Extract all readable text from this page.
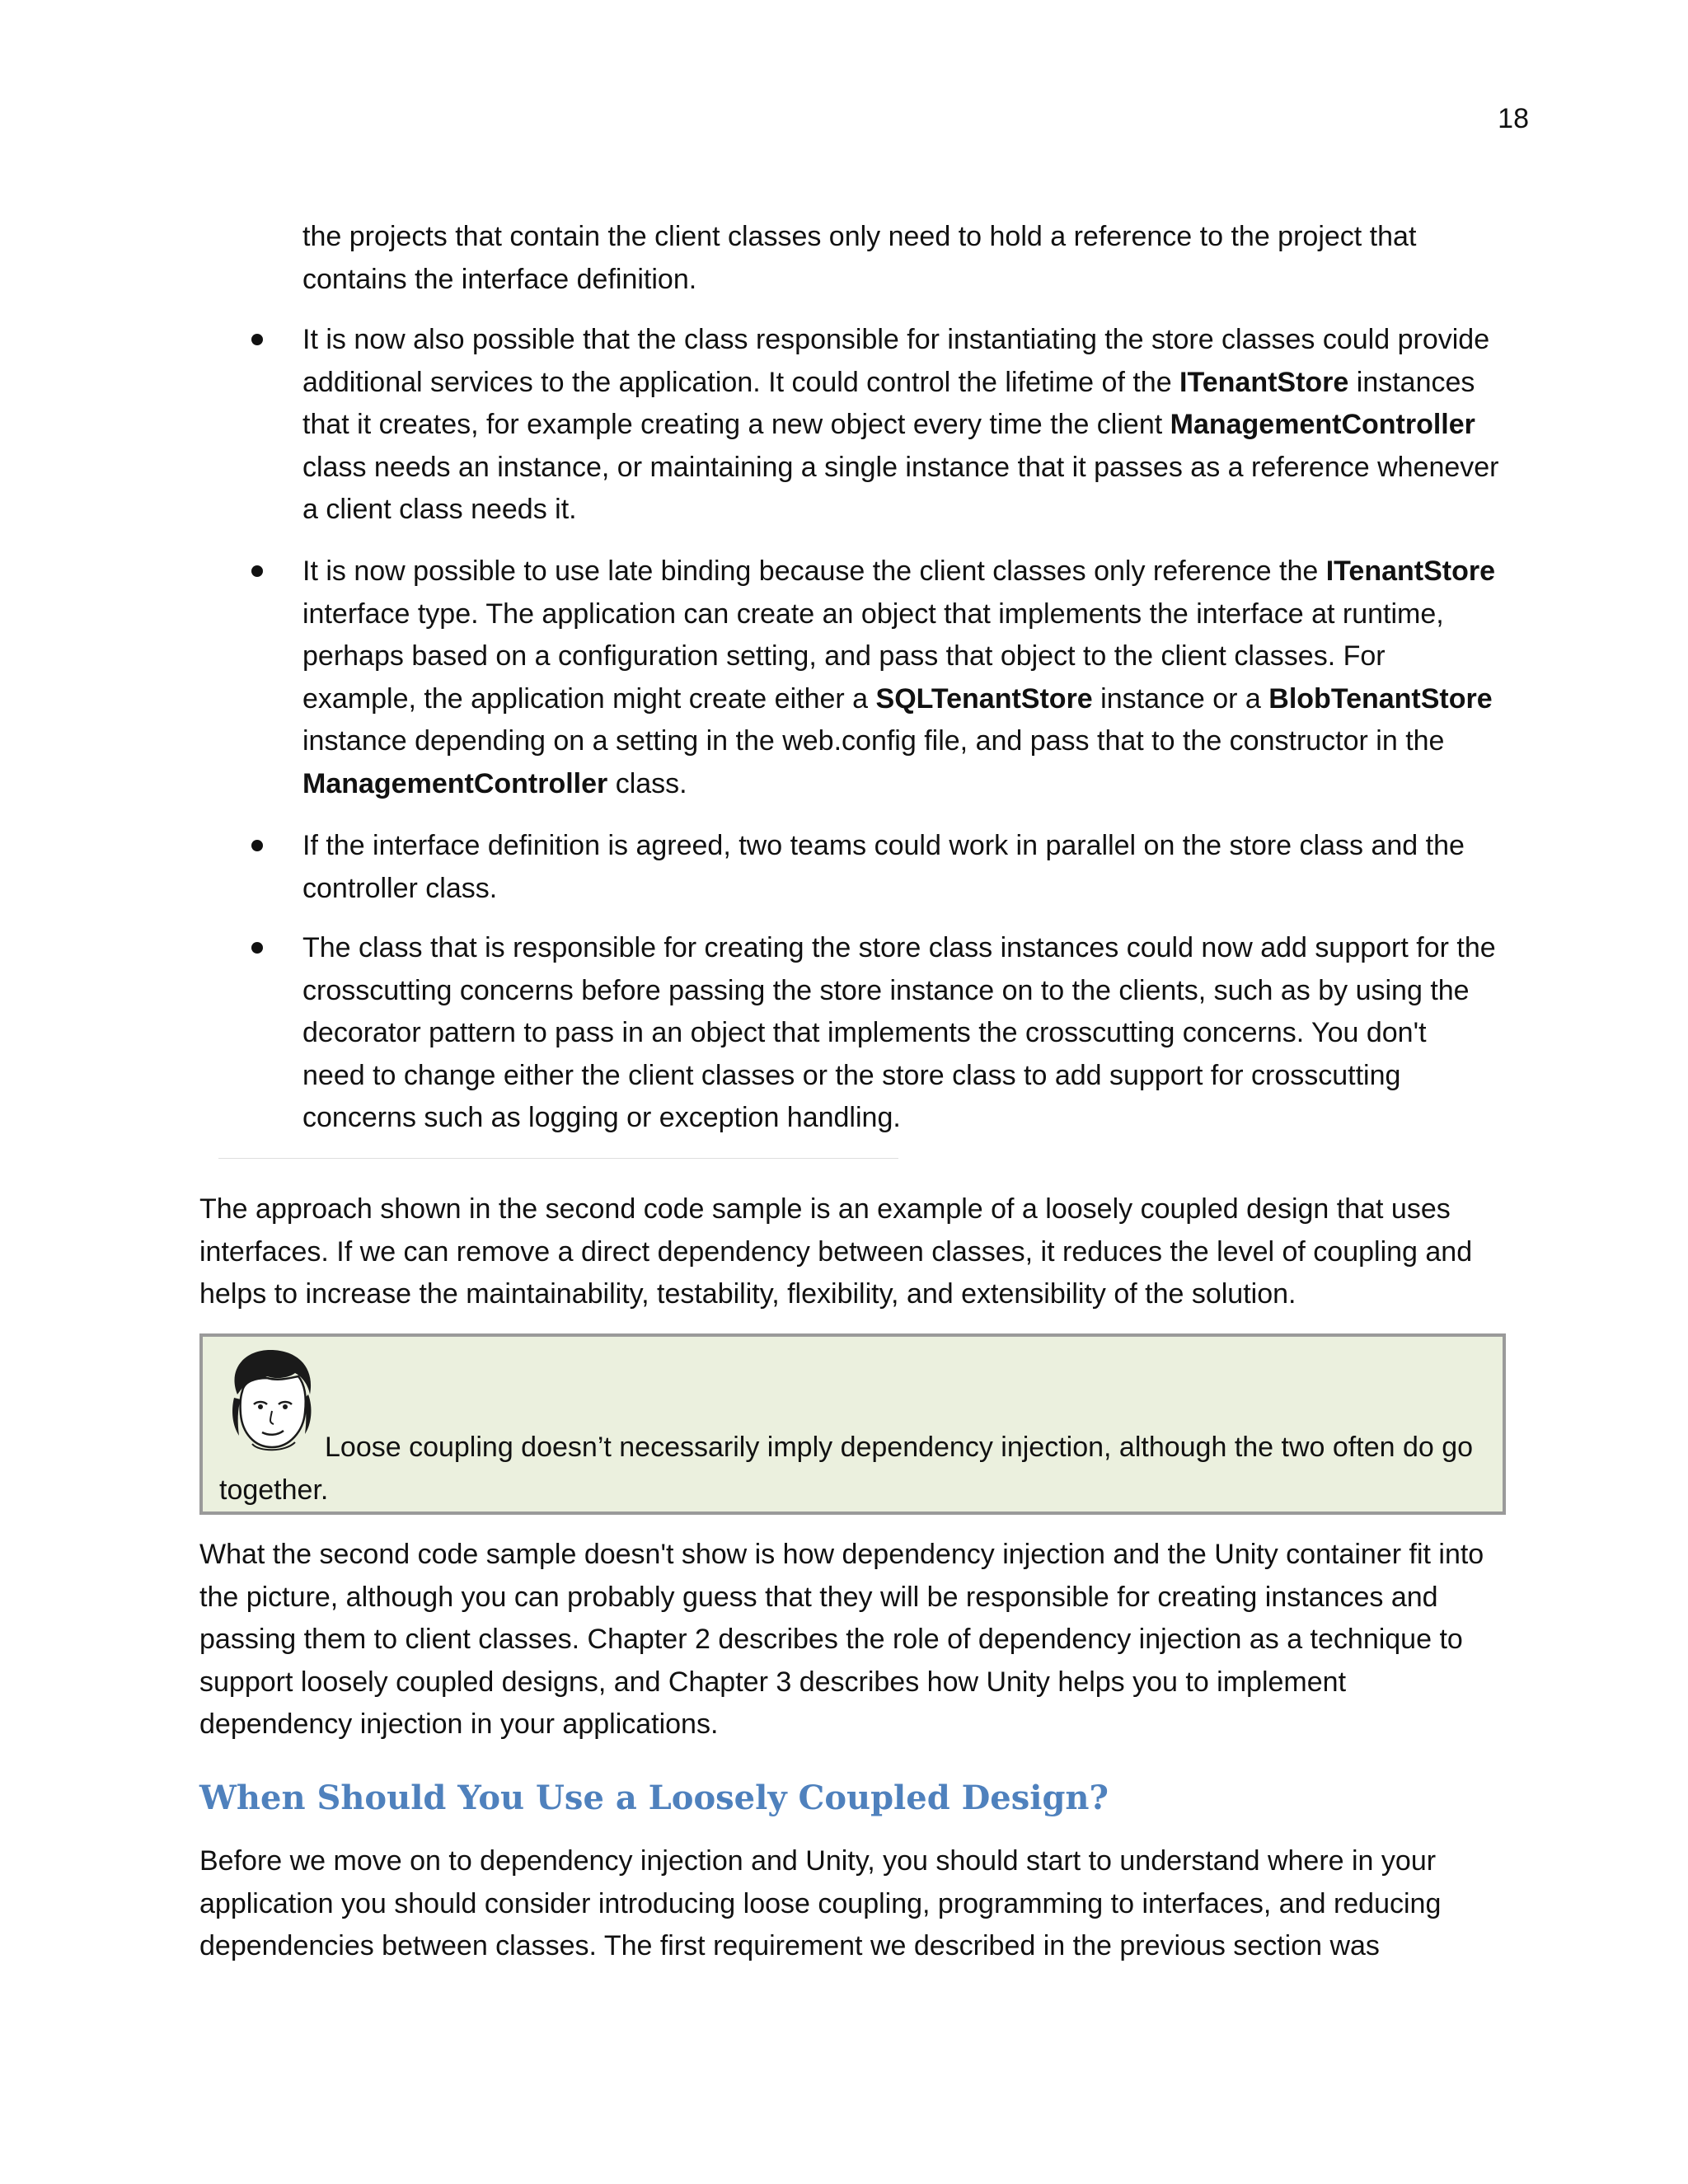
18
the projects that contain the client classes only need to hold a reference to the project that
contains the interface definition.
It is now also possible that the class responsible for instantiating the store classes could provide
additional services to the application. It could control the lifetime of the ITenantStore instances
that it creates, for example creating a new object every time the client ManagementController
class needs an instance, or maintaining a single instance that it passes as a reference whenever
a client class needs it.
It is now possible to use late binding because the client classes only reference the ITenantStore
interface type. The application can create an object that implements the interface at runtime,
perhaps based on a configuration setting, and pass that object to the client classes. For
example, the application might create either a SQLTenantStore instance or a BlobTenantStore
instance depending on a setting in the web.config file, and pass that to the constructor in the
ManagementController class.
If the interface definition is agreed, two teams could work in parallel on the store class and the
controller class.
The class that is responsible for creating the store class instances could now add support for the
crosscutting concerns before passing the store instance on to the clients, such as by using the
decorator pattern to pass in an object that implements the crosscutting concerns. You don't
need to change either the client classes or the store class to add support for crosscutting
concerns such as logging or exception handling.
The approach shown in the second code sample is an example of a loosely coupled design that uses
interfaces. If we can remove a direct dependency between classes, it reduces the level of coupling and
helps to increase the maintainability, testability, flexibility, and extensibility of the solution.
Loose coupling doesn’t necessarily imply dependency injection, although the two often do go
together.
What the second code sample doesn't show is how dependency injection and the Unity container fit into
the picture, although you can probably guess that they will be responsible for creating instances and
passing them to client classes. Chapter 2 describes the role of dependency injection as a technique to
support loosely coupled designs, and Chapter 3 describes how Unity helps you to implement
dependency injection in your applications.
When Should You Use a Loosely Coupled Design?
Before we move on to dependency injection and Unity, you should start to understand where in your
application you should consider introducing loose coupling, programming to interfaces, and reducing
dependencies between classes. The first requirement we described in the previous section was
